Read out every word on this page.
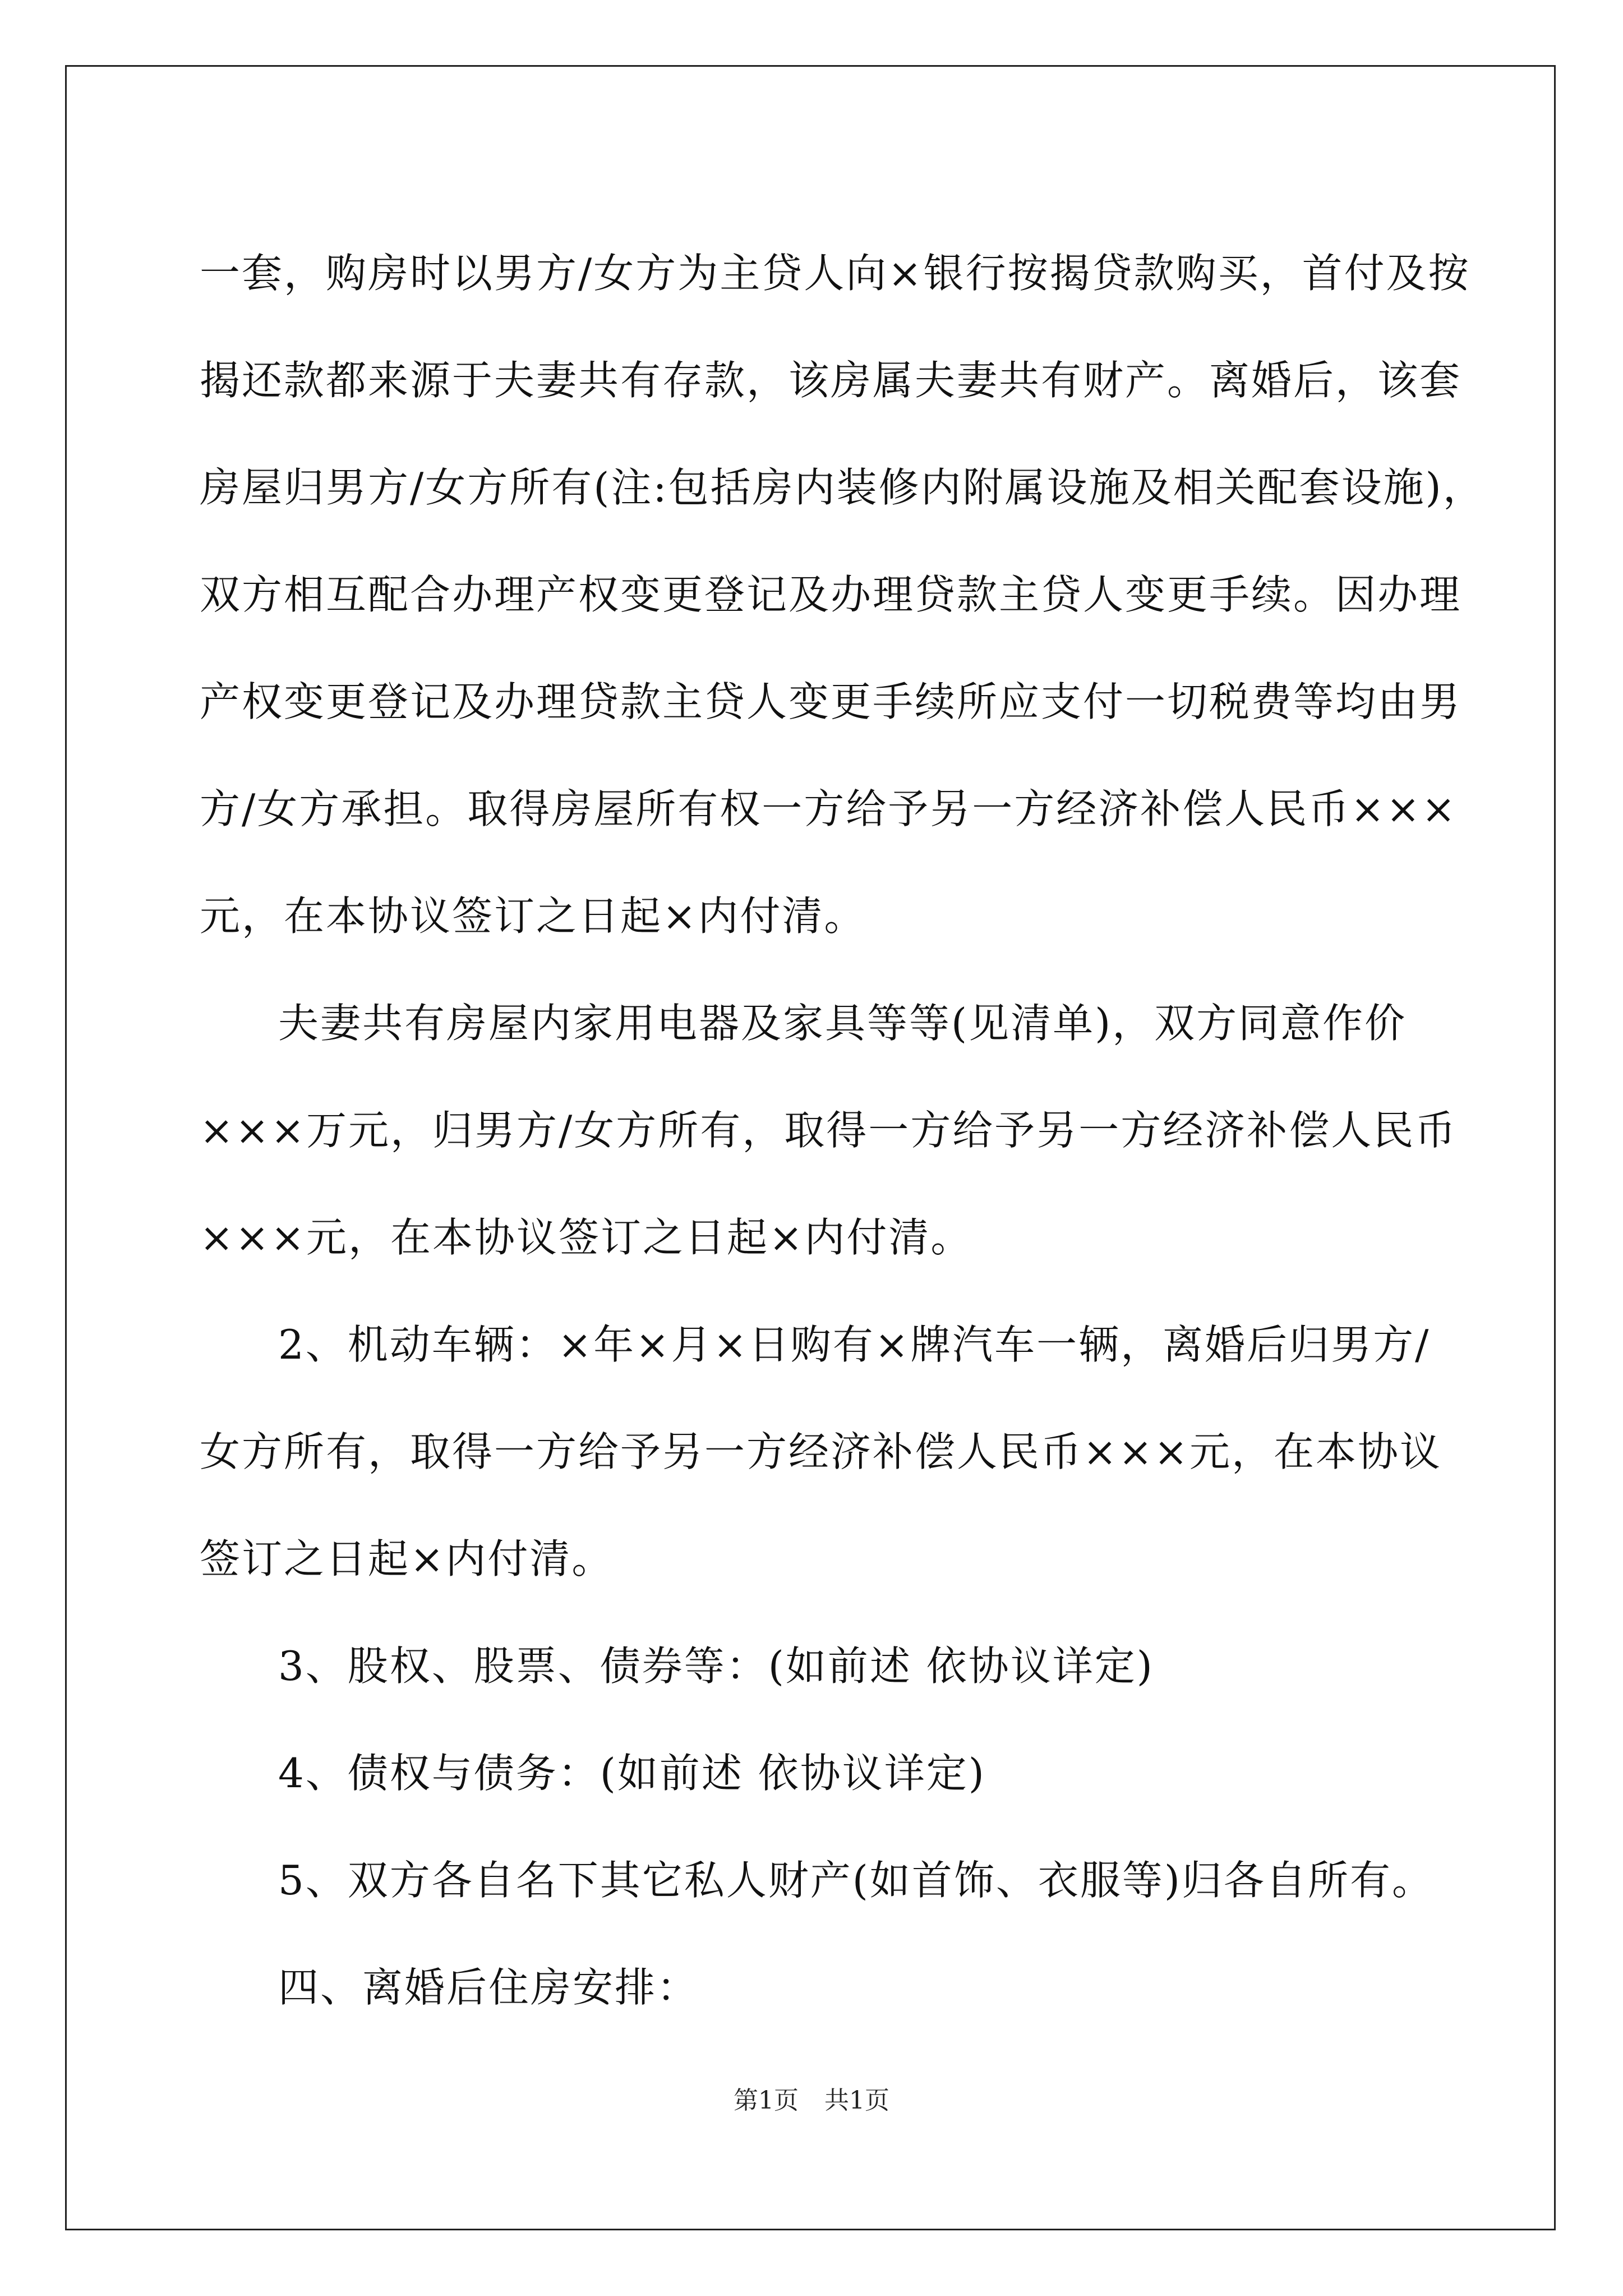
一套，购房时以男方/女方为主贷人向×银行按揭贷款购买，首付及按
揭还款都来源于夫妻共有存款，该房属夫妻共有财产。离婚后，该套
房屋归男方/女方所有(注:包括房内装修内附属设施及相关配套设施)，
双方相互配合办理产权变更登记及办理贷款主贷人变更手续。因办理
产权变更登记及办理贷款主贷人变更手续所应支付一切税费等均由男
方/女方承担。取得房屋所有权一方给予另一方经济补偿人民币×××
元，在本协议签订之日起×内付清。
夫妻共有房屋内家用电器及家具等等(见清单)，双方同意作价
×××万元，归男方/女方所有，取得一方给予另一方经济补偿人民币
×××元，在本协议签订之日起×内付清。
2、机动车辆：×年×月×日购有×牌汽车一辆，离婚后归男方/
女方所有，取得一方给予另一方经济补偿人民币×××元，在本协议
签订之日起×内付清。
3、股权、股票、债券等：(如前述 依协议详定)
4、债权与债务：(如前述 依协议详定)
5、双方各自名下其它私人财产(如首饰、衣服等)归各自所有。
四、离婚后住房安排：
第1页 共1页
